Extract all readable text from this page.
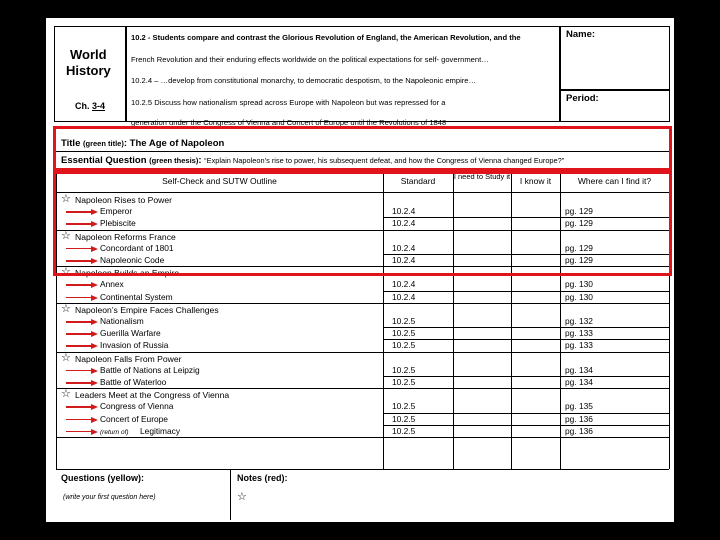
World
History
Ch. 3-4
10.2 - Students compare and contrast the Glorious Revolution of England, the American Revolution, and the
French Revolution and their enduring effects worldwide on the political expectations for self- government…
10.2.4 – …develop from constitutional monarchy, to democratic despotism, to the Napoleonic empire…
10.2.5 Discuss how nationalism spread across Europe with Napoleon but was repressed for a
generation under the Congress of Vienna and Concert of Europe until the Revolutions of 1848
Name:
Period:
Title (green title): The Age of Napoleon
Essential Question (green thesis): “Explain Napoleon’s rise to power, his subsequent defeat, and how the Congress of Vienna changed Europe?”
Self-Check and SUTW Outline	Standard	I need to Study it	I know it	Where can I find it?
☆ Napoleon Rises to Power
Emperor	10.2.4	pg. 129
Plebiscite	10.2.4	pg. 129
☆ Napoleon Reforms France
Concordant of 1801	10.2.4	pg. 129
Napoleonic Code	10.2.4	pg. 129
☆ Napoleon Builds an Empire
Annex	10.2.4	pg. 130
Continental System	10.2.4	pg. 130
☆ Napoleon’s Empire Faces Challenges
Nationalism	10.2.5	pg. 132
Guerilla Warfare	10.2.5	pg. 133
Invasion of Russia	10.2.5	pg. 133
☆ Napoleon Falls From Power
Battle of Nations at Leipzig	10.2.5	pg. 134
Battle of Waterloo	10.2.5	pg. 134
☆ Leaders Meet at the Congress of Vienna
Congress of Vienna	10.2.5	pg. 135
Concert of Europe	10.2.5	pg. 136
(return of) Legitimacy	10.2.5	pg. 136
Questions (yellow):
(write your first question here)
Notes (red):
☆
